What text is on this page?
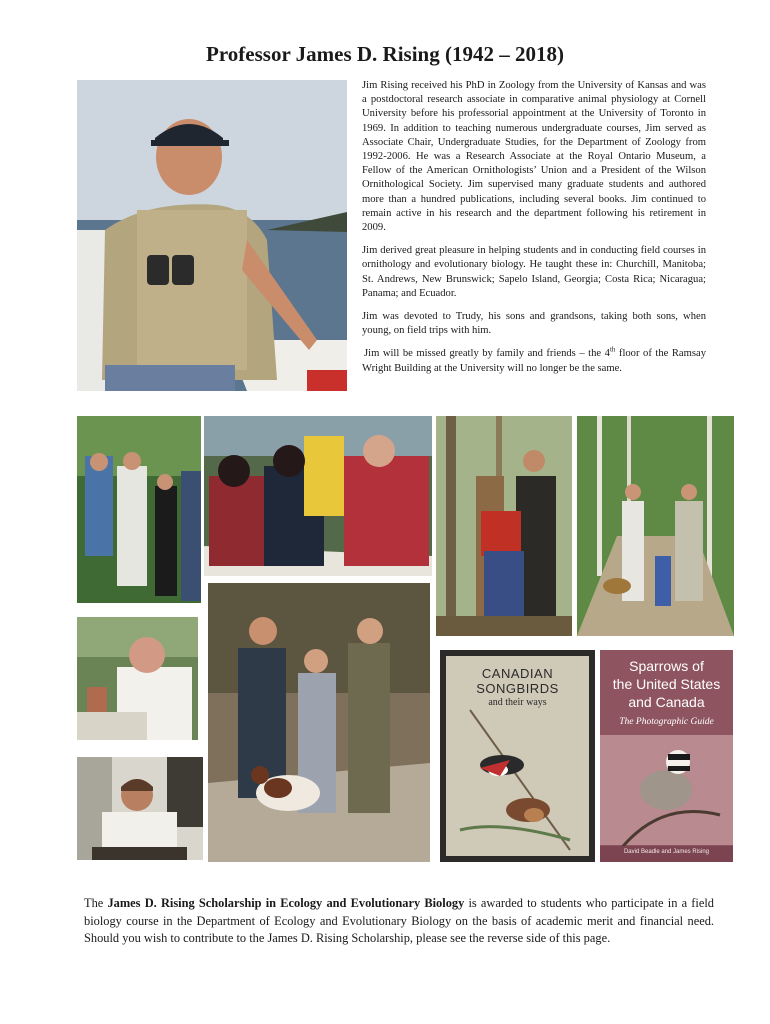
Professor James D. Rising (1942 – 2018)

Jim Rising received his PhD in Zoology from the University of Kansas and was a postdoctoral research associate in comparative animal physiology at Cornell University before his professorial appointment at the University of Toronto in 1969. In addition to teaching numerous undergraduate courses, Jim served as Associate Chair, Undergraduate Studies, for the Department of Zoology from 1992-2006. He was a Research Associate at the Royal Ontario Museum, a Fellow of the American Ornithologists’ Union and a President of the Wilson Ornithological Society. Jim supervised many graduate students and authored more than a hundred publications, including several books. Jim continued to remain active in his research and the department following his retirement in 2009.

Jim derived great pleasure in helping students and in conducting field courses in ornithology and evolutionary biology. He taught these in: Churchill, Manitoba; St. Andrews, New Brunswick; Sapelo Island, Georgia; Costa Rica; Nicaragua; Panama; and Ecuador.

Jim was devoted to Trudy, his sons and grandsons, taking both sons, when young, on field trips with him.

Jim will be missed greatly by family and friends – the 4th floor of the Ramsay Wright Building at the University will no longer be the same.

CANADIAN
SONGBIRDS
and their ways
Sparrows of
the United States
and Canada
The Photographic Guide
David Beadle and James Rising
The James D. Rising Scholarship in Ecology and Evolutionary Biology is awarded to students who participate in a field biology course in the Department of Ecology and Evolutionary Biology on the basis of academic merit and financial need. Should you wish to contribute to the James D. Rising Scholarship, please see the reverse side of this page.
